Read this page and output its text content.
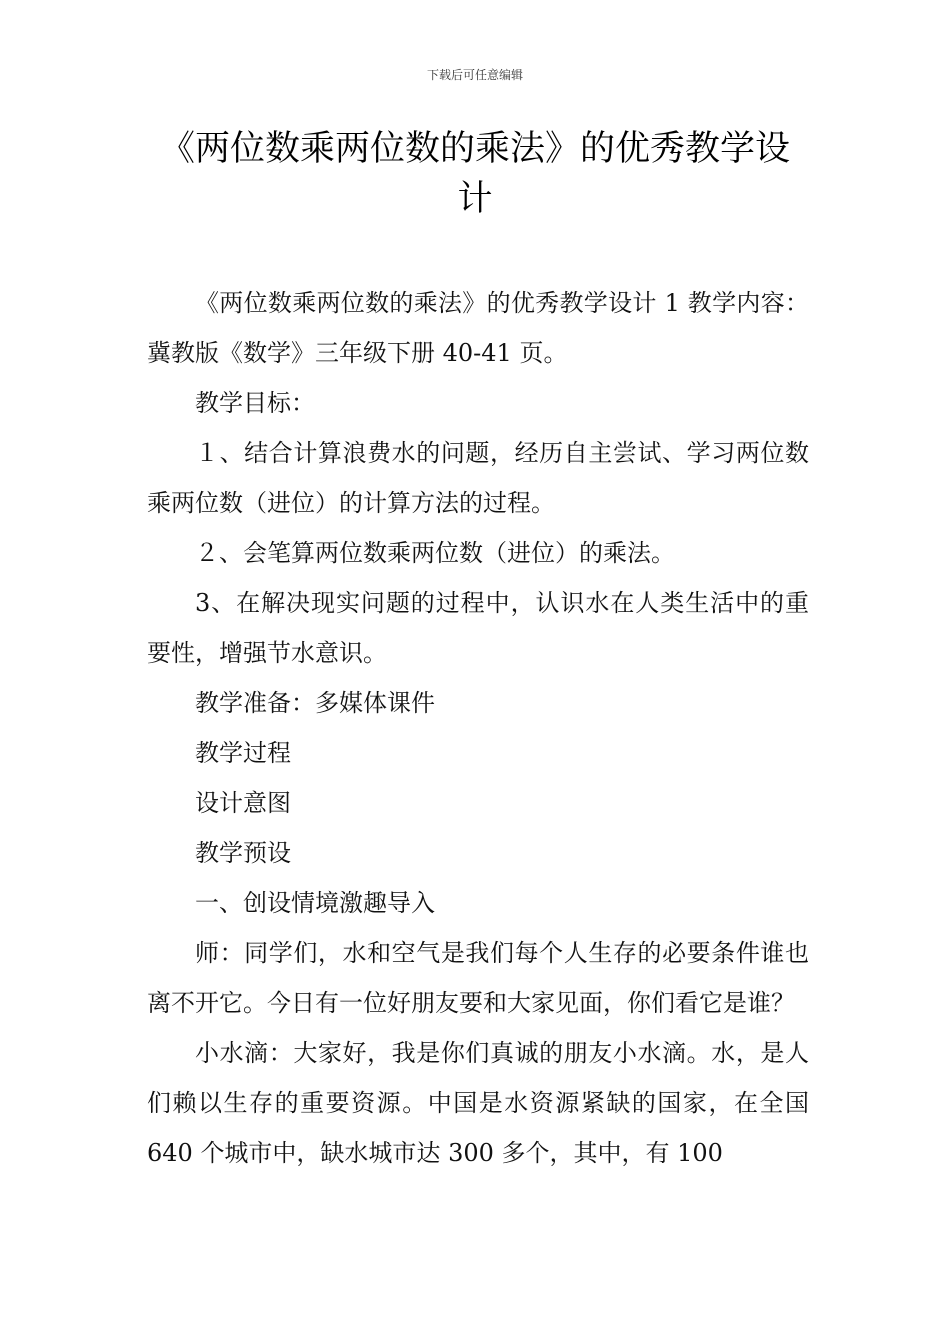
下载后可任意编辑
《两位数乘两位数的乘法》的优秀教学设
计

《两位数乘两位数的乘法》的优秀教学设计 1 教学内容：冀教版《数学》三年级下册 40-41 页。

教学目标：

１、结合计算浪费水的问题，经历自主尝试、学习两位数乘两位数（进位）的计算方法的过程。

２、会笔算两位数乘两位数（进位）的乘法。

3、在解决现实问题的过程中，认识水在人类生活中的重要性，增强节水意识。

教学准备：多媒体课件

教学过程

设计意图

教学预设

一、创设情境激趣导入

师：同学们，水和空气是我们每个人生存的必要条件谁也离不开它。今日有一位好朋友要和大家见面，你们看它是谁？

小水滴：大家好，我是你们真诚的朋友小水滴。水，是人们赖以生存的重要资源。中国是水资源紧缺的国家，在全国 640 个城市中，缺水城市达 300 多个，其中，有 100
